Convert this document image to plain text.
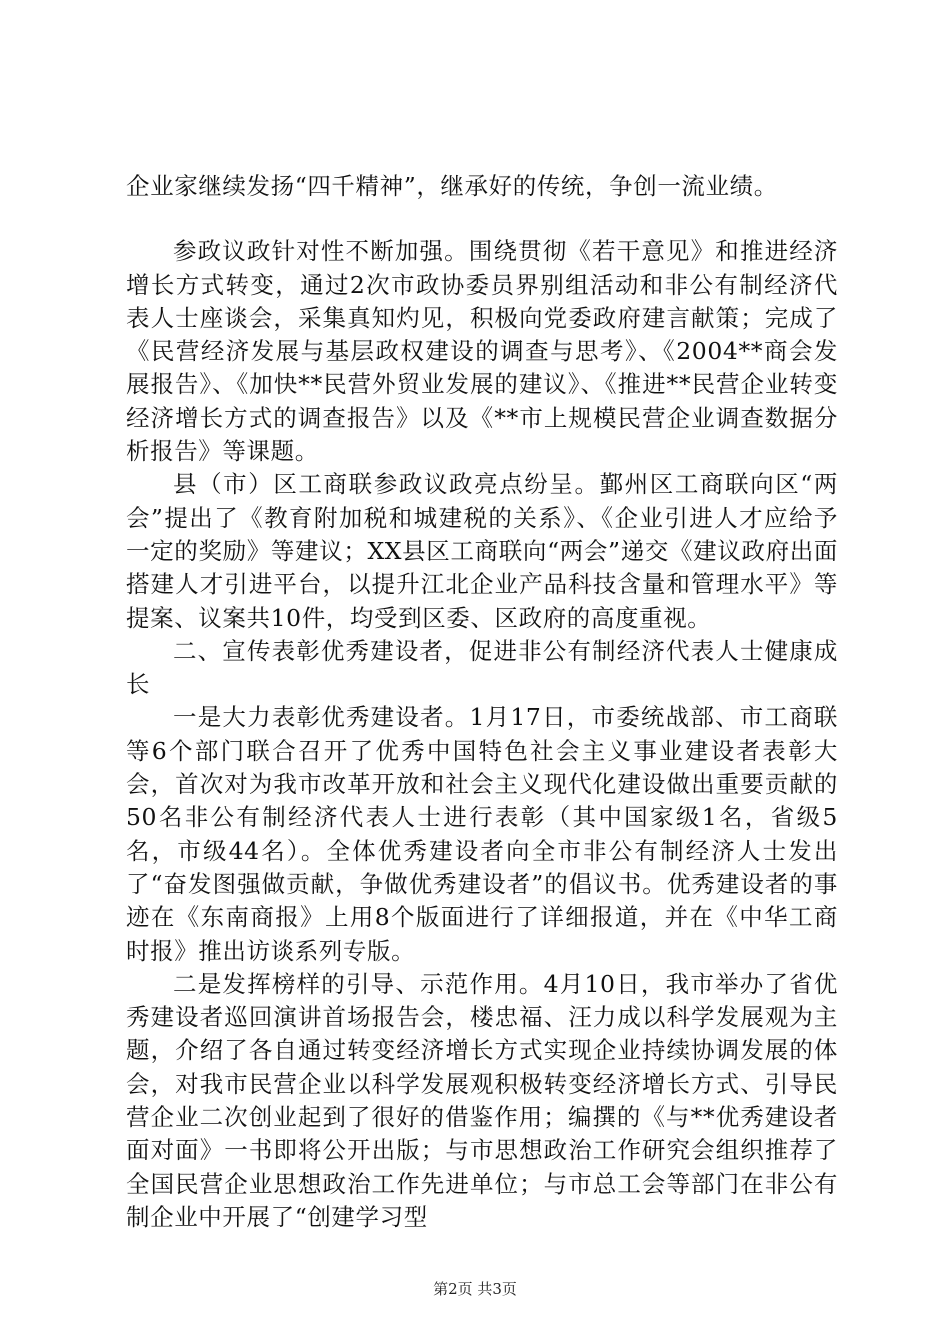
企业家继续发扬“四千精神”，继承好的传统，争创一流业绩。

参政议政针对性不断加强。围绕贯彻《若干意见》和推进经济增长方式转变，通过2次市政协委员界别组活动和非公有制经济代表人士座谈会，采集真知灼见，积极向党委政府建言献策；完成了《民营经济发展与基层政权建设的调查与思考》、《2004**商会发展报告》、《加快**民营外贸业发展的建议》、《推进**民营企业转变经济增长方式的调查报告》以及《**市上规模民营企业调查数据分析报告》等课题。

县（市）区工商联参政议政亮点纷呈。鄞州区工商联向区“两会”提出了《教育附加税和城建税的关系》、《企业引进人才应给予一定的奖励》等建议；XX县区工商联向“两会”递交《建议政府出面搭建人才引进平台，以提升江北企业产品科技含量和管理水平》等提案、议案共10件，均受到区委、区政府的高度重视。

二、宣传表彰优秀建设者，促进非公有制经济代表人士健康成长

一是大力表彰优秀建设者。1月17日，市委统战部、市工商联等6个部门联合召开了优秀中国特色社会主义事业建设者表彰大会，首次对为我市改革开放和社会主义现代化建设做出重要贡献的50名非公有制经济代表人士进行表彰（其中国家级1名，省级5名，市级44名）。全体优秀建设者向全市非公有制经济人士发出了“奋发图强做贡献，争做优秀建设者”的倡议书。优秀建设者的事迹在《东南商报》上用8个版面进行了详细报道，并在《中华工商时报》推出访谈系列专版。

二是发挥榜样的引导、示范作用。4月10日，我市举办了省优秀建设者巡回演讲首场报告会，楼忠福、汪力成以科学发展观为主题，介绍了各自通过转变经济增长方式实现企业持续协调发展的体会，对我市民营企业以科学发展观积极转变经济增长方式、引导民营企业二次创业起到了很好的借鉴作用；编撰的《与**优秀建设者面对面》一书即将公开出版；与市思想政治工作研究会组织推荐了全国民营企业思想政治工作先进单位；与市总工会等部门在非公有制企业中开展了“创建学习型

第2页 共3页
